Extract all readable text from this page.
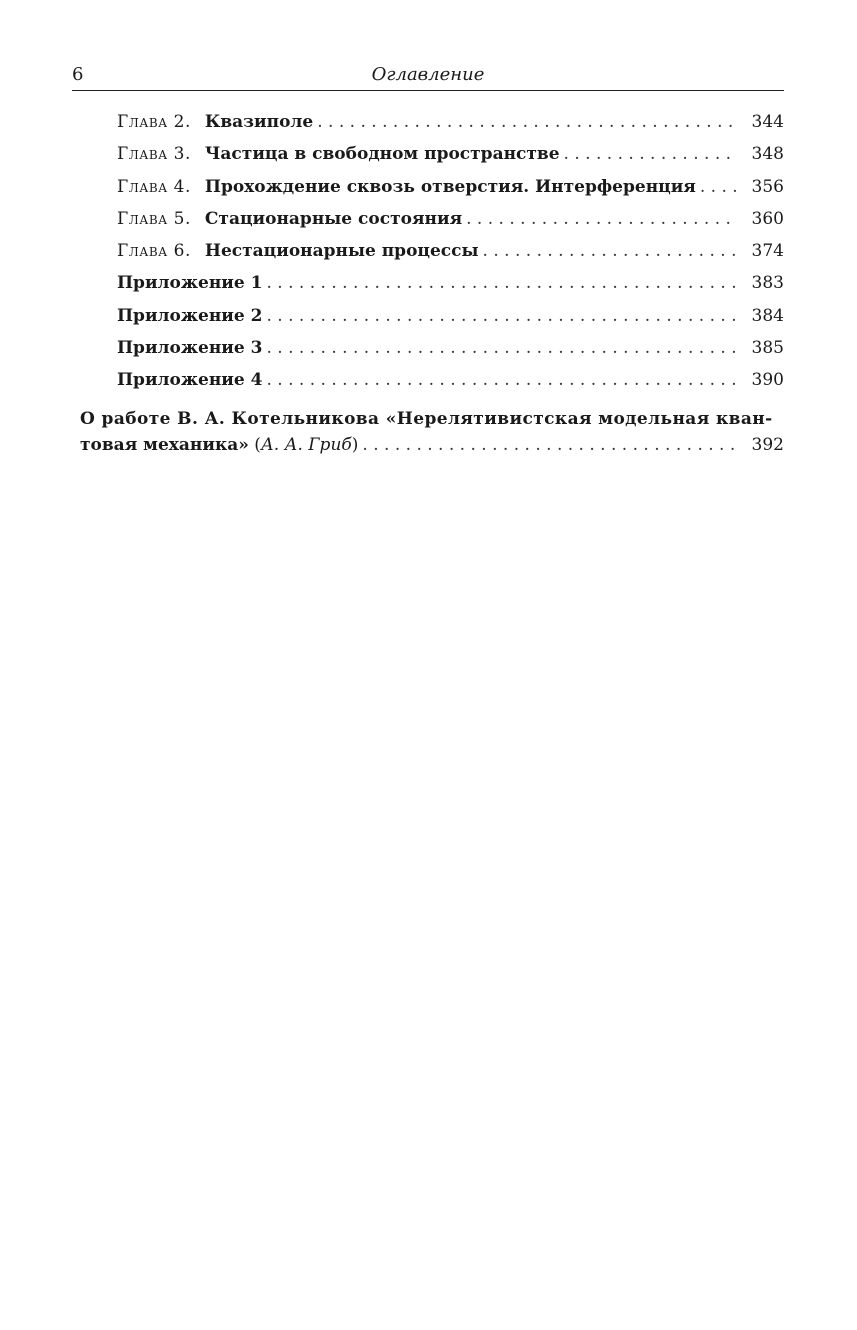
6	Оглавление
Глава 2. Квазиполе . . .	344
Глава 3. Частица в свободном пространстве . . .	348
Глава 4. Прохождение сквозь отверстия. Интерференция . . .	356
Глава 5. Стационарные состояния . . .	360
Глава 6. Нестационарные процессы . . .	374
Приложение 1 . . .	383
Приложение 2 . . .	384
Приложение 3 . . .	385
Приложение 4 . . .	390
О работе В. А. Котельникова «Нерелятивистская модельная кван-
товая механика» ( А. А. Гриб ) . . .	392
